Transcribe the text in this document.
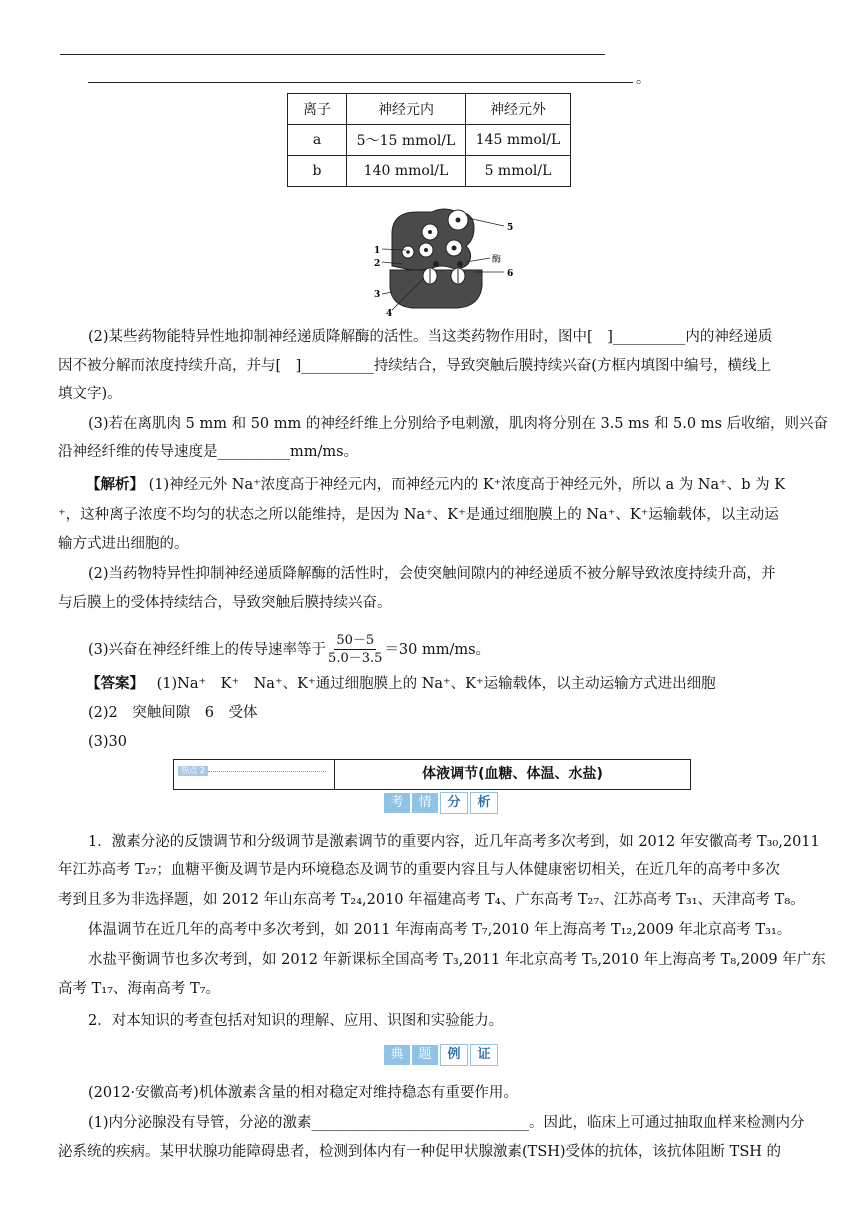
。
离子	神经元内	神经元外
a	5～15 mmol/L	145 mmol/L
b	140 mmol/L	5 mmol/L
1
2
3
4
5
6
酶
(2)某些药物能特异性地抑制神经递质降解酶的活性。当这类药物作用时，图中[　]__________内的神经递质
因不被分解而浓度持续升高，并与[　]__________持续结合，导致突触后膜持续兴奋(方框内填图中编号，横线上
填文字)。
(3)若在离肌肉 5 mm 和 50 mm 的神经纤维上分别给予电刺激，肌肉将分别在 3.5 ms 和 5.0 ms 后收缩，则兴奋
沿神经纤维的传导速度是__________mm/ms。
【解析】 (1)神经元外 Na⁺浓度高于神经元内，而神经元内的 K⁺浓度高于神经元外，所以 a 为 Na⁺、b 为 K
⁺，这种离子浓度不均匀的状态之所以能维持，是因为 Na⁺、K⁺是通过细胞膜上的 Na⁺、K⁺运输载体，以主动运
输方式进出细胞的。
(2)当药物特异性抑制神经递质降解酶的活性时，会使突触间隙内的神经递质不被分解导致浓度持续升高，并
与后膜上的受体持续结合，导致突触后膜持续兴奋。
(3)兴奋在神经纤维上的传导速率等于 $\frac{50-5}{5.0-3.5} =30$ mm/ms。
【答案】 (1)Na⁺　K⁺　Na⁺、K⁺通过细胞膜上的 Na⁺、K⁺运输载体，以主动运输方式进出细胞
(2)2　突触间隙　6　受体
(3)30
热点 2	体液调节(血糖、体温、水盐)
考	情	分	析
1．激素分泌的反馈调节和分级调节是激素调节的重要内容，近几年高考多次考到，如 2012 年安徽高考 T₃₀,2011
年江苏高考 T₂₇；血糖平衡及调节是内环境稳态及调节的重要内容且与人体健康密切相关，在近几年的高考中多次
考到且多为非选择题，如 2012 年山东高考 T₂₄,2010 年福建高考 T₄、广东高考 T₂₇、江苏高考 T₃₁、天津高考 T₈。
体温调节在近几年的高考中多次考到，如 2011 年海南高考 T₇,2010 年上海高考 T₁₂,2009 年北京高考 T₃₁。
水盐平衡调节也多次考到，如 2012 年新课标全国高考 T₃,2011 年北京高考 T₅,2010 年上海高考 T₈,2009 年广东
高考 T₁₇、海南高考 T₇。
2．对本知识的考查包括对知识的理解、应用、识图和实验能力。
典	题	例	证
(2012·安徽高考)机体激素含量的相对稳定对维持稳态有重要作用。
(1)内分泌腺没有导管，分泌的激素______________________________。因此，临床上可通过抽取血样来检测内分
泌系统的疾病。某甲状腺功能障碍患者，检测到体内有一种促甲状腺激素(TSH)受体的抗体，该抗体阻断 TSH 的
